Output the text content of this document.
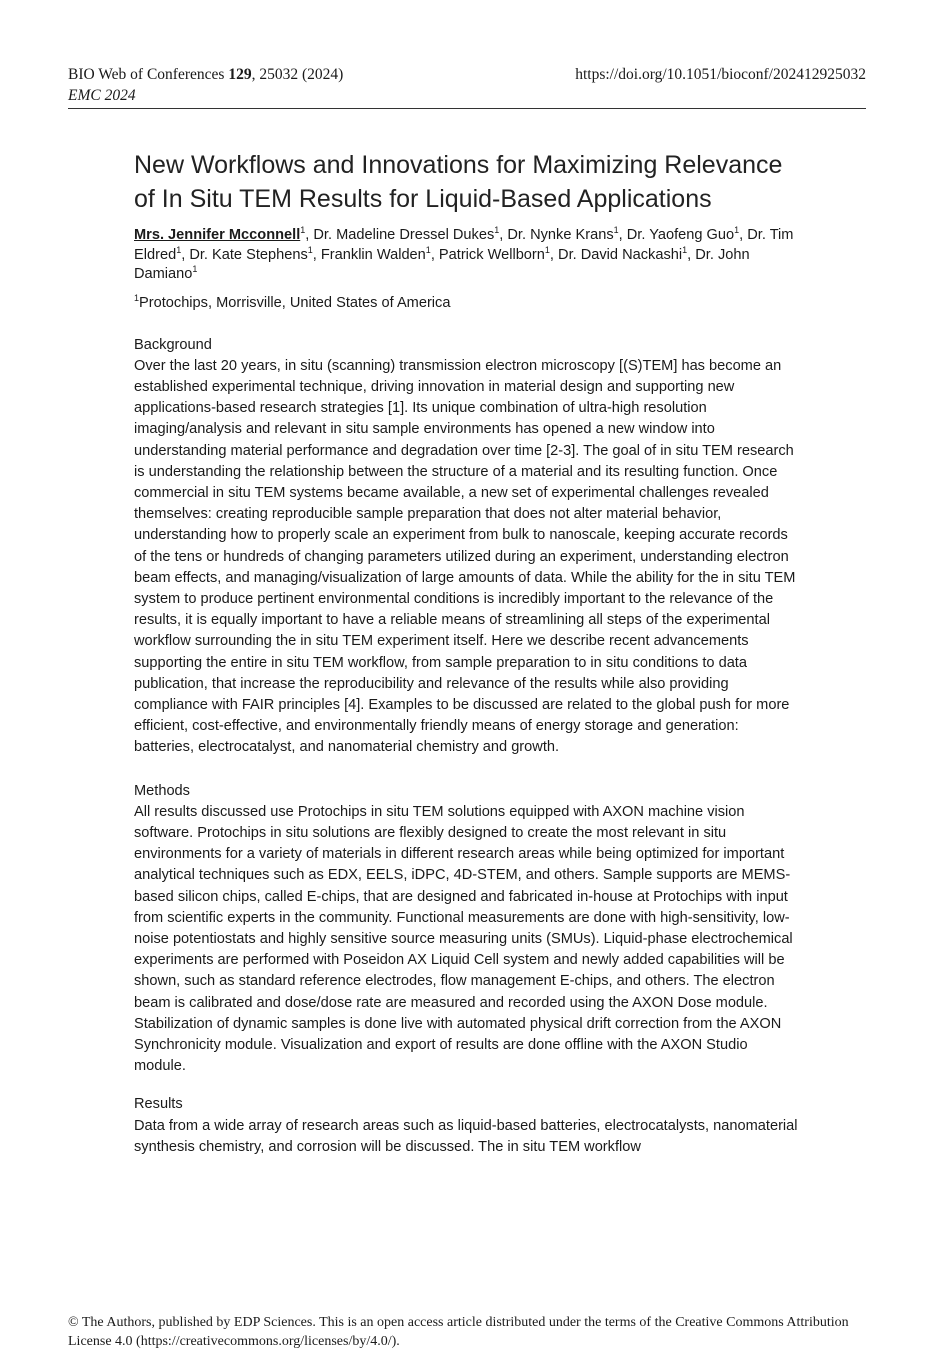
BIO Web of Conferences 129, 25032 (2024)
EMC 2024
https://doi.org/10.1051/bioconf/202412925032
New Workflows and Innovations for Maximizing Relevance of In Situ TEM Results for Liquid-Based Applications
Mrs. Jennifer Mcconnell$^1$, Dr. Madeline Dressel Dukes$^1$, Dr. Nynke Krans$^1$, Dr. Yaofeng Guo$^1$, Dr. Tim Eldred$^1$, Dr. Kate Stephens$^1$, Franklin Walden$^1$, Patrick Wellborn$^1$, Dr. David Nackashi$^1$, Dr. John Damiano$^1$
$^1$Protochips, Morrisville, United States of America
Background
Over the last 20 years, in situ (scanning) transmission electron microscopy [(S)TEM] has become an established experimental technique, driving innovation in material design and supporting new applications-based research strategies [1]. Its unique combination of ultra-high resolution imaging/analysis and relevant in situ sample environments has opened a new window into understanding material performance and degradation over time [2-3]. The goal of in situ TEM research is understanding the relationship between the structure of a material and its resulting function. Once commercial in situ TEM systems became available, a new set of experimental challenges revealed themselves: creating reproducible sample preparation that does not alter material behavior, understanding how to properly scale an experiment from bulk to nanoscale, keeping accurate records of the tens or hundreds of changing parameters utilized during an experiment, understanding electron beam effects, and managing/visualization of large amounts of data. While the ability for the in situ TEM system to produce pertinent environmental conditions is incredibly important to the relevance of the results, it is equally important to have a reliable means of streamlining all steps of the experimental workflow surrounding the in situ TEM experiment itself. Here we describe recent advancements supporting the entire in situ TEM workflow, from sample preparation to in situ conditions to data publication, that increase the reproducibility and relevance of the results while also providing compliance with FAIR principles [4]. Examples to be discussed are related to the global push for more efficient, cost-effective, and environmentally friendly means of energy storage and generation: batteries, electrocatalyst, and nanomaterial chemistry and growth.
Methods
All results discussed use Protochips in situ TEM solutions equipped with AXON machine vision software. Protochips in situ solutions are flexibly designed to create the most relevant in situ environments for a variety of materials in different research areas while being optimized for important analytical techniques such as EDX, EELS, iDPC, 4D-STEM, and others. Sample supports are MEMS-based silicon chips, called E-chips, that are designed and fabricated in-house at Protochips with input from scientific experts in the community. Functional measurements are done with high-sensitivity, low-noise potentiostats and highly sensitive source measuring units (SMUs). Liquid-phase electrochemical experiments are performed with Poseidon AX Liquid Cell system and newly added capabilities will be shown, such as standard reference electrodes, flow management E-chips, and others. The electron beam is calibrated and dose/dose rate are measured and recorded using the AXON Dose module. Stabilization of dynamic samples is done live with automated physical drift correction from the AXON Synchronicity module. Visualization and export of results are done offline with the AXON Studio module.
Results
Data from a wide array of research areas such as liquid-based batteries, electrocatalysts, nanomaterial synthesis chemistry, and corrosion will be discussed. The in situ TEM workflow
© The Authors, published by EDP Sciences. This is an open access article distributed under the terms of the Creative Commons Attribution License 4.0 (https://creativecommons.org/licenses/by/4.0/).
